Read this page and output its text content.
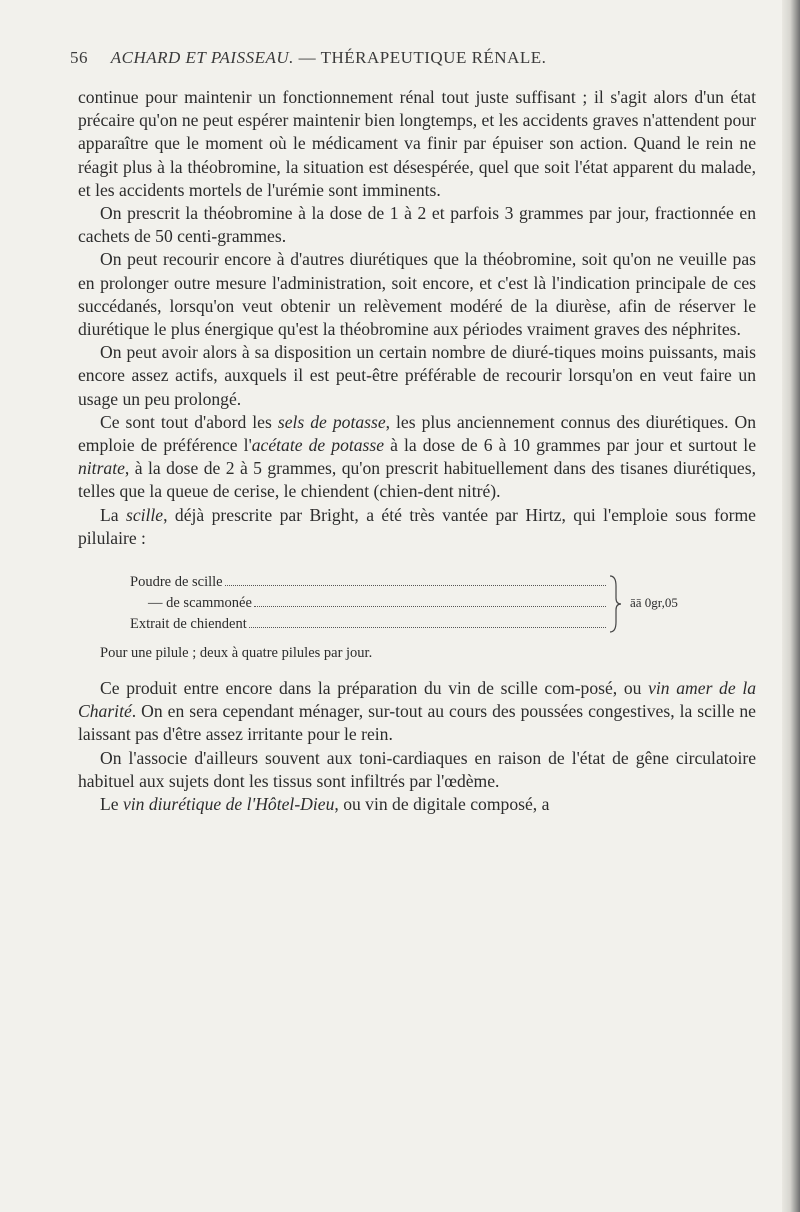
56 ACHARD ET PAISSEAU. — THÉRAPEUTIQUE RÉNALE.

continue pour maintenir un fonctionnement rénal tout juste suffisant ; il s'agit alors d'un état précaire qu'on ne peut espérer maintenir bien longtemps, et les accidents graves n'attendent pour apparaître que le moment où le médicament va finir par épuiser son action. Quand le rein ne réagit plus à la théobromine, la situation est désespérée, quel que soit l'état apparent du malade, et les accidents mortels de l'urémie sont imminents.

On prescrit la théobromine à la dose de 1 à 2 et parfois 3 grammes par jour, fractionnée en cachets de 50 centi-grammes.

On peut recourir encore à d'autres diurétiques que la théobromine, soit qu'on ne veuille pas en prolonger outre mesure l'administration, soit encore, et c'est là l'indication principale de ces succédanés, lorsqu'on veut obtenir un relèvement modéré de la diurèse, afin de réserver le diurétique le plus énergique qu'est la théobromine aux périodes vraiment graves des néphrites.

On peut avoir alors à sa disposition un certain nombre de diuré-tiques moins puissants, mais encore assez actifs, auxquels il est peut-être préférable de recourir lorsqu'on en veut faire un usage un peu prolongé.

Ce sont tout d'abord les sels de potasse, les plus anciennement connus des diurétiques. On emploie de préférence l'acétate de potasse à la dose de 6 à 10 grammes par jour et surtout le nitrate, à la dose de 2 à 5 grammes, qu'on prescrit habituellement dans des tisanes diurétiques, telles que la queue de cerise, le chiendent (chien-dent nitré).

La scille, déjà prescrite par Bright, a été très vantée par Hirtz, qui l'emploie sous forme pilulaire :

Poudre de scille
— de scammonée
Extrait de chiendent
āā 0gr,05
Pour une pilule ; deux à quatre pilules par jour.

Ce produit entre encore dans la préparation du vin de scille com-posé, ou vin amer de la Charité. On en sera cependant ménager, sur-tout au cours des poussées congestives, la scille ne laissant pas d'être assez irritante pour le rein.

On l'associe d'ailleurs souvent aux toni-cardiaques en raison de l'état de gêne circulatoire habituel aux sujets dont les tissus sont infiltrés par l'œdème.

Le vin diurétique de l'Hôtel-Dieu, ou vin de digitale composé, a
